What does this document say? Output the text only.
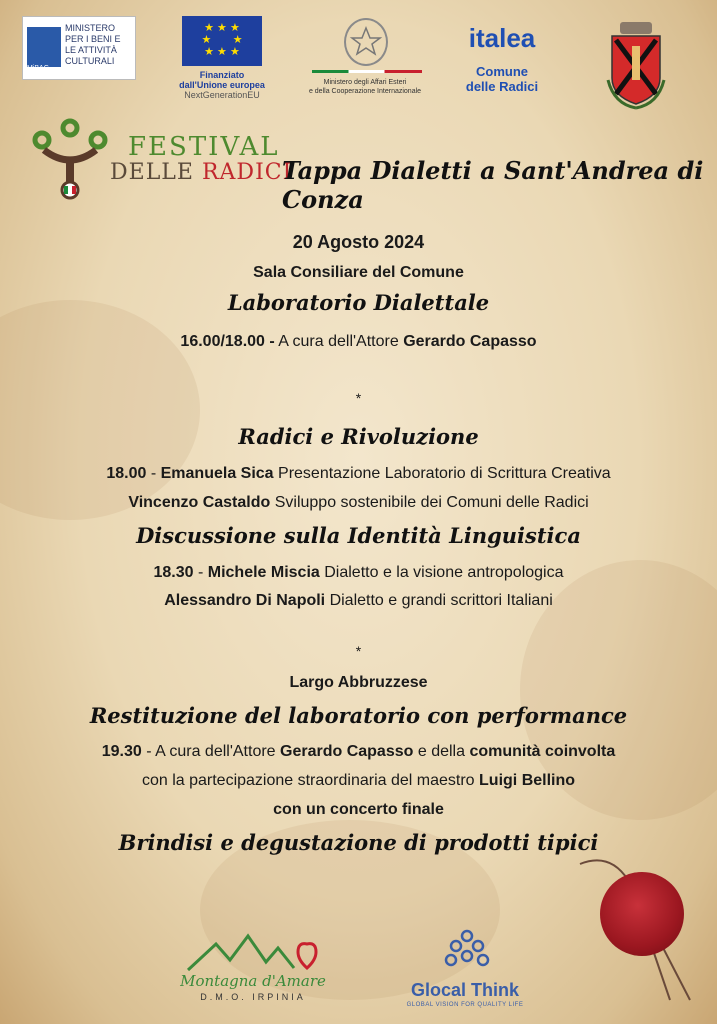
MiBAC
MINISTERO
PER I BENI E
LE ATTIVITÀ
CULTURALI
★ ★ ★
★       ★
★ ★ ★
Finanziato
dall'Unione europea
NextGenerationEU
Ministero degli Affari Esteri
e della Cooperazione Internazionale
italea
Comune
delle Radici
FESTIVAL
DELLE RADICI
Tappa Dialetti a Sant'Andrea di Conza
20 Agosto 2024
Sala Consiliare del Comune
Laboratorio Dialettale
16.00/18.00 - A cura dell'Attore Gerardo Capasso
*
Radici e Rivoluzione
18.00 - Emanuela Sica Presentazione Laboratorio di Scrittura Creativa
Vincenzo Castaldo Sviluppo sostenibile dei Comuni delle Radici
Discussione sulla Identità Linguistica
18.30 - Michele Miscia Dialetto e la visione antropologica
Alessandro Di Napoli Dialetto e grandi scrittori Italiani
*
Largo Abbruzzese
Restituzione del laboratorio con performance
19.30 - A cura dell'Attore Gerardo Capasso e della comunità coinvolta
con la partecipazione straordinaria del maestro Luigi Bellino
con un concerto finale
Brindisi e degustazione di prodotti tipici
Montagna d'Amare
D.M.O. IRPINIA	Glocal Think
GLOBAL VISION FOR QUALITY LIFE
